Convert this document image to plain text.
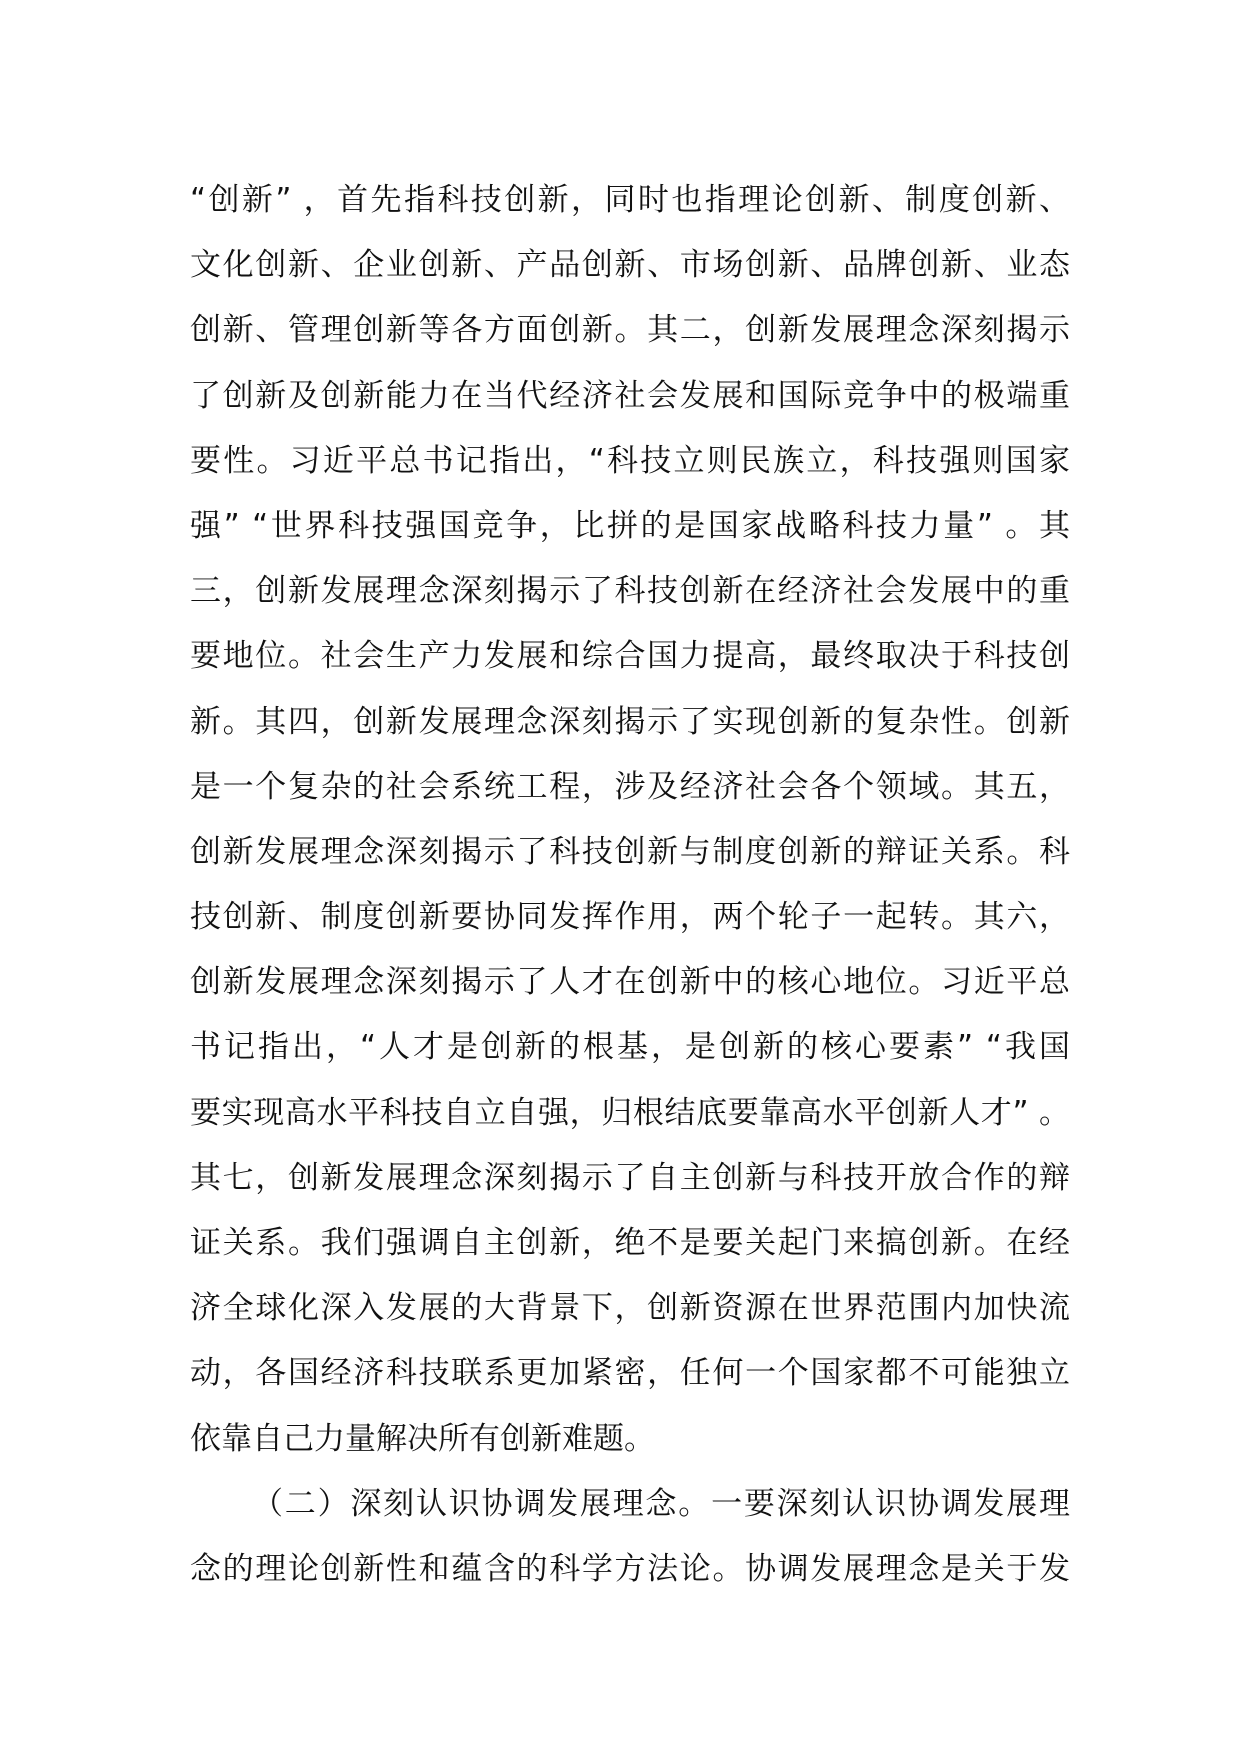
“创新” ，首先指科技创新，同时也指理论创新、制度创新、
文化创新、企业创新、产品创新、市场创新、品牌创新、业态
创新、管理创新等各方面创新。其二，创新发展理念深刻揭示
了创新及创新能力在当代经济社会发展和国际竞争中的极端重
要性。习近平总书记指出，“科技立则民族立，科技强则国家
强” “世界科技强国竞争，比拼的是国家战略科技力量” 。其
三，创新发展理念深刻揭示了科技创新在经济社会发展中的重
要地位。社会生产力发展和综合国力提高，最终取决于科技创
新。其四，创新发展理念深刻揭示了实现创新的复杂性。创新
是一个复杂的社会系统工程，涉及经济社会各个领域。其五，
创新发展理念深刻揭示了科技创新与制度创新的辩证关系。科
技创新、制度创新要协同发挥作用，两个轮子一起转。其六，
创新发展理念深刻揭示了人才在创新中的核心地位。习近平总
书记指出，“人才是创新的根基，是创新的核心要素” “我国
要实现高水平科技自立自强，归根结底要靠高水平创新人才” 。
其七，创新发展理念深刻揭示了自主创新与科技开放合作的辩
证关系。我们强调自主创新，绝不是要关起门来搞创新。在经
济全球化深入发展的大背景下，创新资源在世界范围内加快流
动，各国经济科技联系更加紧密，任何一个国家都不可能独立
依靠自己力量解决所有创新难题。
（二）深刻认识协调发展理念。一要深刻认识协调发展理
念的理论创新性和蕴含的科学方法论。协调发展理念是关于发
